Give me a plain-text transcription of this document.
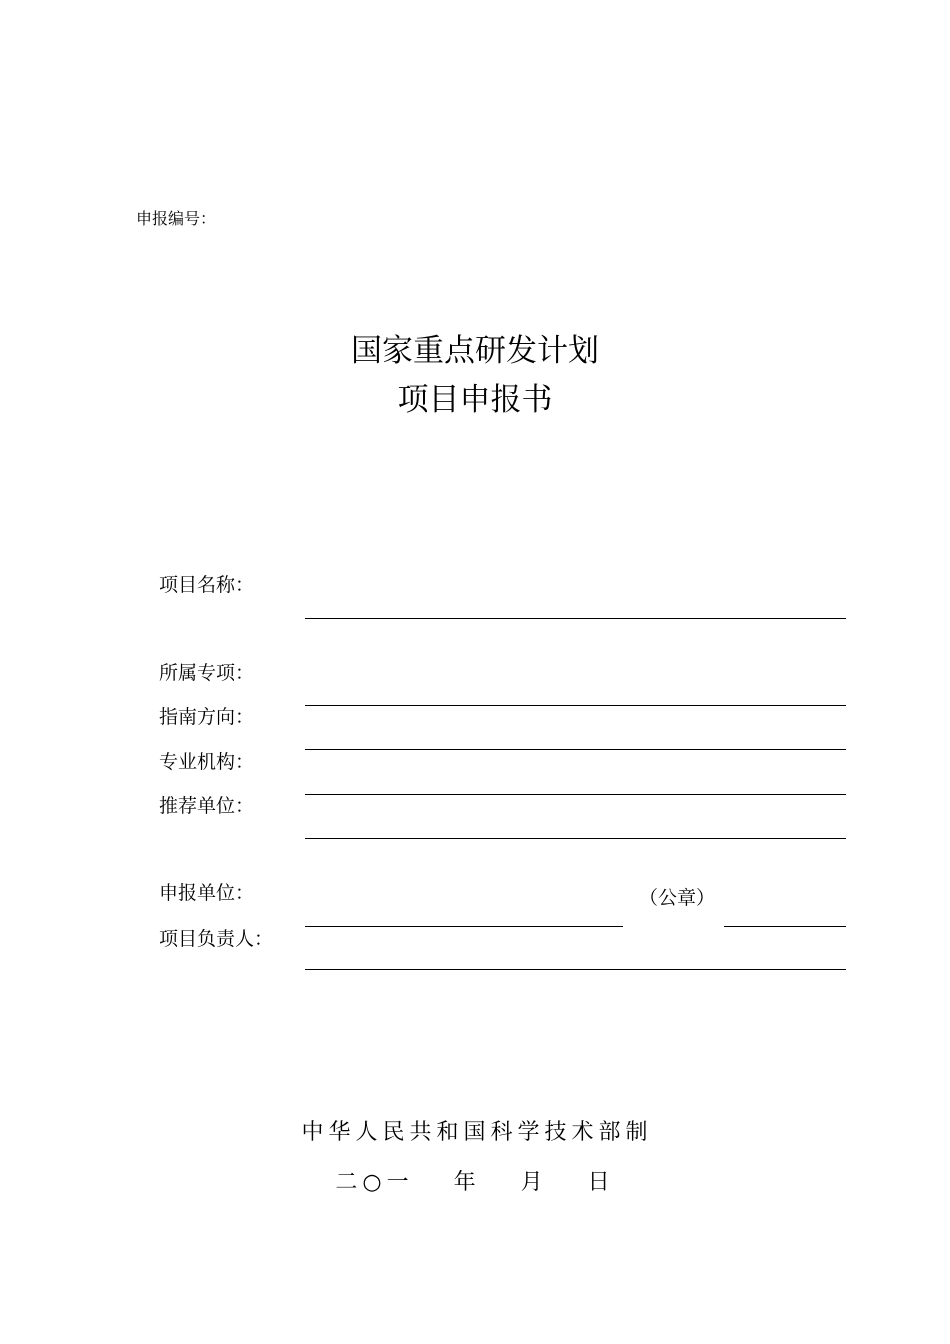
申报编号：
国家重点研发计划
项目申报书
项目名称：
所属专项：
指南方向：
专业机构：
推荐单位：
申报单位：	（公章）
项目负责人：
中华人民共和国科学技术部制
二○一 年 月 日
